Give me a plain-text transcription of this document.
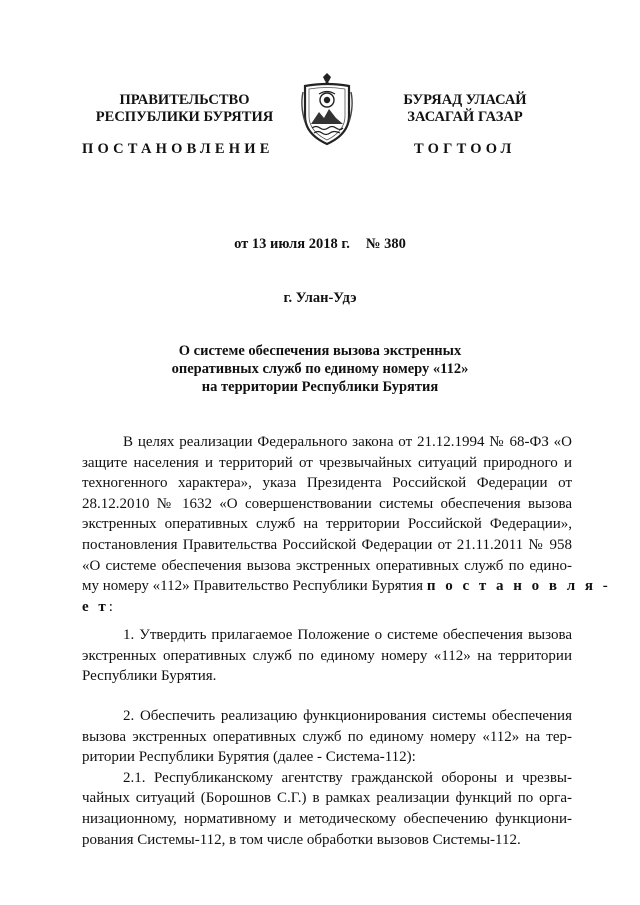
ПРАВИТЕЛЬСТВО
РЕСПУБЛИКИ БУРЯТИЯ
БУРЯАД УЛАСАЙ
ЗАСАГАЙ ГАЗАР
ПОСТАНОВЛЕНИЕ	ТОГТООЛ
от 13 июля 2018 г. № 380
г. Улан-Удэ
О системе обеспечения вызова экстренных
оперативных служб по единому номеру «112»
на территории Республики Бурятия
В целях реализации Федерального закона от 21.12.1994 № 68-ФЗ «О
защите населения и территорий от чрезвычайных ситуаций природного и
техногенного характера», указа Президента Российской Федерации от
28.12.2010 № 1632 «О совершенствовании системы обеспечения вызова
экстренных оперативных служб на территории Российской Федерации»,
постановления Правительства Российской Федерации от 21.11.2011 № 958
«О системе обеспечения вызова экстренных оперативных служб по едино-
му номеру «112» Правительство Республики Бурятия п о с т а н о в л я -
е т:
1. Утвердить прилагаемое Положение о системе обеспечения вызова
экстренных оперативных служб по единому номеру «112» на территории
Республики Бурятия.
2. Обеспечить реализацию функционирования системы обеспечения
вызова экстренных оперативных служб по единому номеру «112» на тер-
ритории Республики Бурятия (далее - Система-112):
2.1. Республиканскому агентству гражданской обороны и чрезвы-
чайных ситуаций (Борошнов С.Г.) в рамках реализации функций по орга-
низационному, нормативному и методическому обеспечению функциони-
рования Системы-112, в том числе обработки вызовов Системы-112.
